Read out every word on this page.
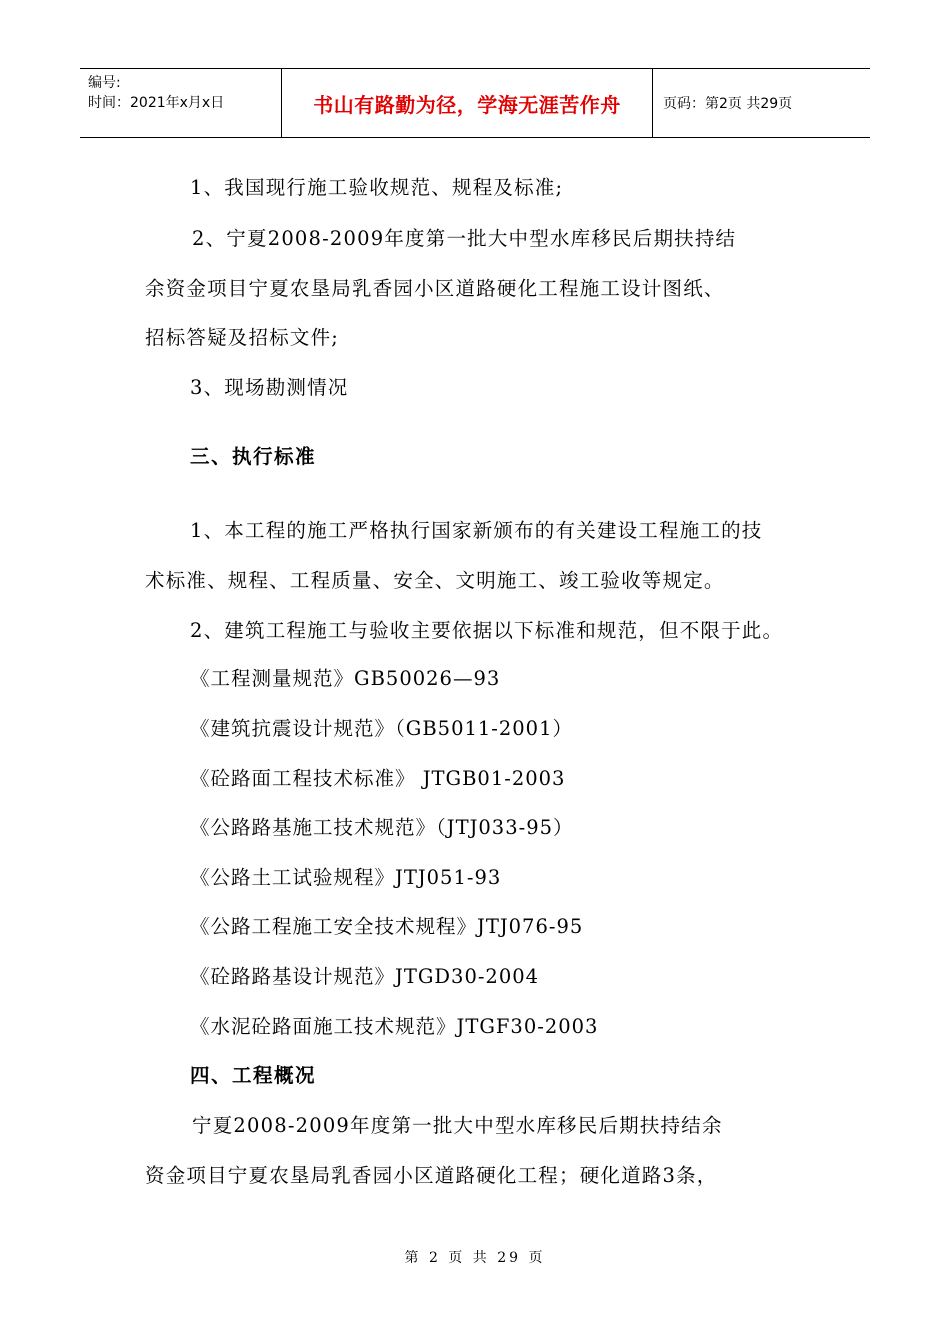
编号:
时间：2021年x月x日	书山有路勤为径，学海无涯苦作舟	页码：第2页 共29页
1、我国现行施工验收规范、规程及标准;
2、宁夏2008-2009年度第一批大中型水库移民后期扶持结
余资金项目宁夏农垦局乳香园小区道路硬化工程施工设计图纸、
招标答疑及招标文件;
3、现场勘测情况
三、执行标准
1、本工程的施工严格执行国家新颁布的有关建设工程施工的技
术标准、规程、工程质量、安全、文明施工、竣工验收等规定。
2、建筑工程施工与验收主要依据以下标准和规范，但不限于此。
《工程测量规范》GB50026—93
《建筑抗震设计规范》（GB5011-2001）
《砼路面工程技术标准》 JTGB01-2003
《公路路基施工技术规范》（JTJ033-95）
《公路土工试验规程》JTJ051-93
《公路工程施工安全技术规程》JTJ076-95
《砼路路基设计规范》JTGD30-2004
《水泥砼路面施工技术规范》JTGF30-2003
四、工程概况
宁夏2008-2009年度第一批大中型水库移民后期扶持结余
资金项目宁夏农垦局乳香园小区道路硬化工程；硬化道路3条，
第 2 页 共 29 页
